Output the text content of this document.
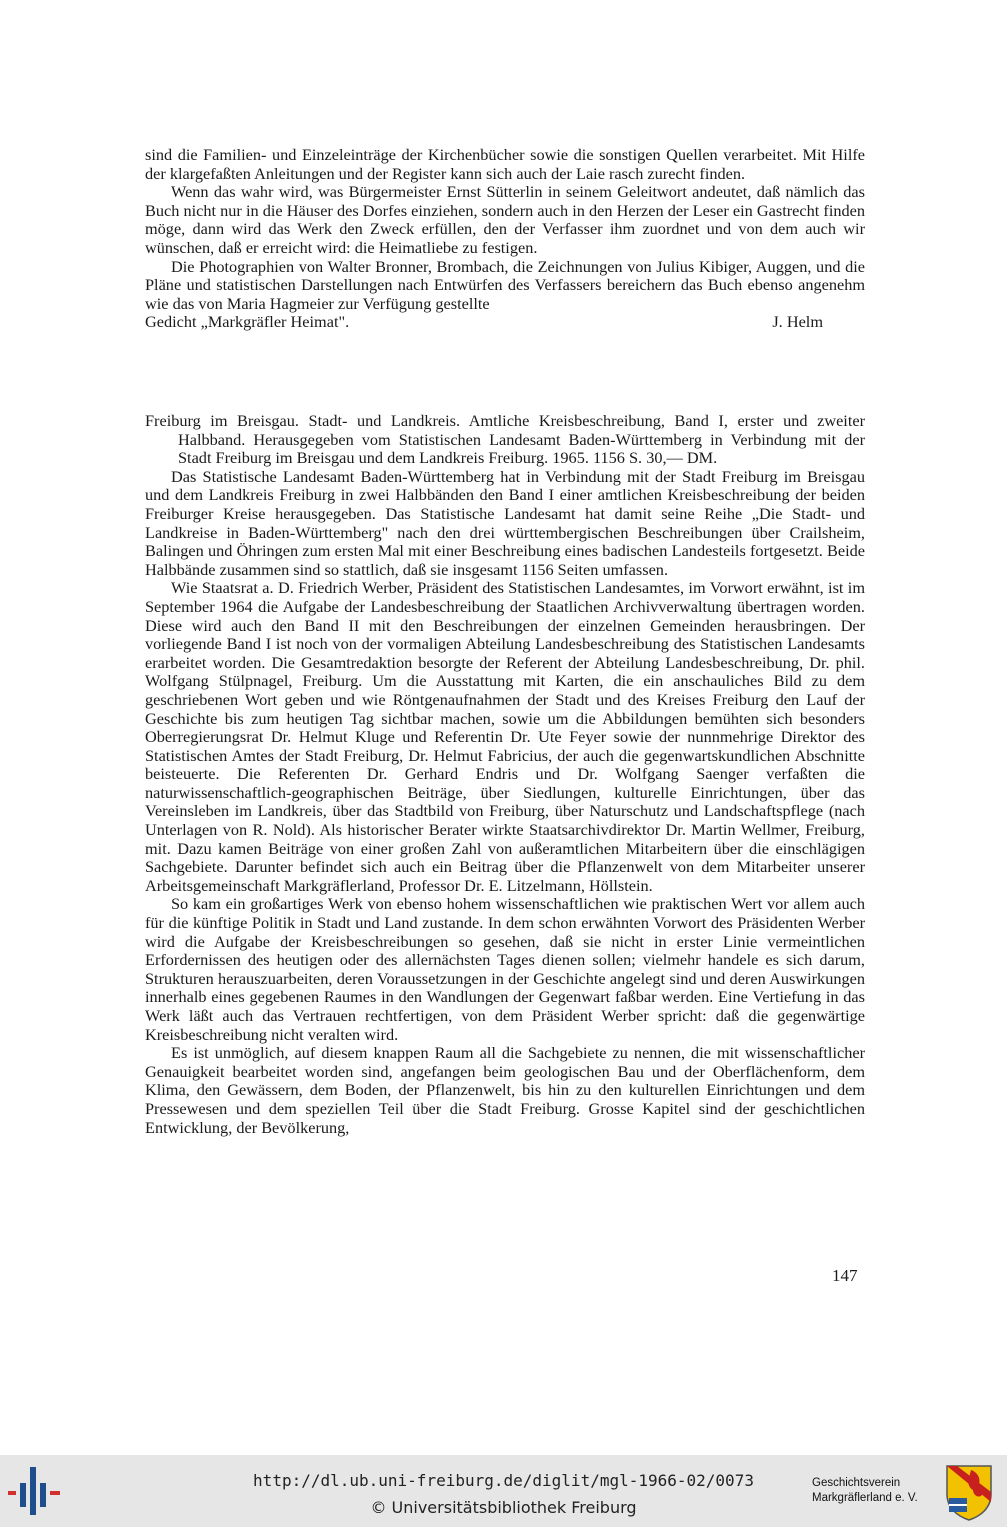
sind die Familien- und Einzeleinträge der Kirchenbücher sowie die sonstigen Quellen verarbeitet. Mit Hilfe der klargefaßten Anleitungen und der Register kann sich auch der Laie rasch zurecht finden.

Wenn das wahr wird, was Bürgermeister Ernst Sütterlin in seinem Geleitwort andeutet, daß nämlich das Buch nicht nur in die Häuser des Dorfes einziehen, sondern auch in den Herzen der Leser ein Gastrecht finden möge, dann wird das Werk den Zweck erfüllen, den der Verfasser ihm zuordnet und von dem auch wir wünschen, daß er erreicht wird: die Heimatliebe zu festigen.

Die Photographien von Walter Bronner, Brombach, die Zeichnungen von Julius Kibiger, Auggen, und die Pläne und statistischen Darstellungen nach Entwürfen des Verfassers bereichern das Buch ebenso angenehm wie das von Maria Hagmeier zur Verfügung gestellte

Gedicht „Markgräfler Heimat".	J. Helm

Freiburg im Breisgau. Stadt- und Landkreis. Amtliche Kreisbeschreibung, Band I, erster und zweiter Halbband. Herausgegeben vom Statistischen Landesamt Baden-Württemberg in Verbindung mit der Stadt Freiburg im Breisgau und dem Landkreis Freiburg. 1965. 1156 S. 30,— DM.

Das Statistische Landesamt Baden-Württemberg hat in Verbindung mit der Stadt Freiburg im Breisgau und dem Landkreis Freiburg in zwei Halbbänden den Band I einer amtlichen Kreisbeschreibung der beiden Freiburger Kreise herausgegeben. Das Statistische Landesamt hat damit seine Reihe „Die Stadt- und Landkreise in Baden-Württemberg" nach den drei württembergischen Beschreibungen über Crailsheim, Balingen und Öhringen zum ersten Mal mit einer Beschreibung eines badischen Landesteils fortgesetzt. Beide Halbbände zusammen sind so stattlich, daß sie insgesamt 1156 Seiten umfassen.

Wie Staatsrat a. D. Friedrich Werber, Präsident des Statistischen Landesamtes, im Vorwort erwähnt, ist im September 1964 die Aufgabe der Landesbeschreibung der Staatlichen Archivverwaltung übertragen worden. Diese wird auch den Band II mit den Beschreibungen der einzelnen Gemeinden herausbringen. Der vorliegende Band I ist noch von der vormaligen Abteilung Landesbeschreibung des Statistischen Landesamts erarbeitet worden. Die Gesamtredaktion besorgte der Referent der Abteilung Landesbeschreibung, Dr. phil. Wolfgang Stülpnagel, Freiburg. Um die Ausstattung mit Karten, die ein anschauliches Bild zu dem geschriebenen Wort geben und wie Röntgenaufnahmen der Stadt und des Kreises Freiburg den Lauf der Geschichte bis zum heutigen Tag sichtbar machen, sowie um die Abbildungen bemühten sich besonders Oberregierungsrat Dr. Helmut Kluge und Referentin Dr. Ute Feyer sowie der nunnmehrige Direktor des Statistischen Amtes der Stadt Freiburg, Dr. Helmut Fabricius, der auch die gegenwartskundlichen Abschnitte beisteuerte. Die Referenten Dr. Gerhard Endris und Dr. Wolfgang Saenger verfaßten die naturwissenschaftlich-geographischen Beiträge, über Siedlungen, kulturelle Einrichtungen, über das Vereinsleben im Landkreis, über das Stadtbild von Freiburg, über Naturschutz und Landschaftspflege (nach Unterlagen von R. Nold). Als historischer Berater wirkte Staatsarchivdirektor Dr. Martin Wellmer, Freiburg, mit. Dazu kamen Beiträge von einer großen Zahl von außeramtlichen Mitarbeitern über die einschlägigen Sachgebiete. Darunter befindet sich auch ein Beitrag über die Pflanzenwelt von dem Mitarbeiter unserer Arbeitsgemeinschaft Markgräflerland, Professor Dr. E. Litzelmann, Höllstein.

So kam ein großartiges Werk von ebenso hohem wissenschaftlichen wie praktischen Wert vor allem auch für die künftige Politik in Stadt und Land zustande. In dem schon erwähnten Vorwort des Präsidenten Werber wird die Aufgabe der Kreisbeschreibungen so gesehen, daß sie nicht in erster Linie vermeintlichen Erfordernissen des heutigen oder des allernächsten Tages dienen sollen; vielmehr handele es sich darum, Strukturen herauszuarbeiten, deren Voraussetzungen in der Geschichte angelegt sind und deren Auswirkungen innerhalb eines gegebenen Raumes in den Wandlungen der Gegenwart faßbar werden. Eine Vertiefung in das Werk läßt auch das Vertrauen rechtfertigen, von dem Präsident Werber spricht: daß die gegenwärtige Kreisbeschreibung nicht veralten wird.

Es ist unmöglich, auf diesem knappen Raum all die Sachgebiete zu nennen, die mit wissenschaftlicher Genauigkeit bearbeitet worden sind, angefangen beim geologischen Bau und der Oberflächenform, dem Klima, den Gewässern, dem Boden, der Pflanzenwelt, bis hin zu den kulturellen Einrichtungen und dem Pressewesen und dem speziellen Teil über die Stadt Freiburg. Grosse Kapitel sind der geschichtlichen Entwicklung, der Bevölkerung,

147
http://dl.ub.uni-freiburg.de/diglit/mgl-1966-02/0073
© Universitätsbibliothek Freiburg
Geschichtsverein
Markgräflerland e. V.
